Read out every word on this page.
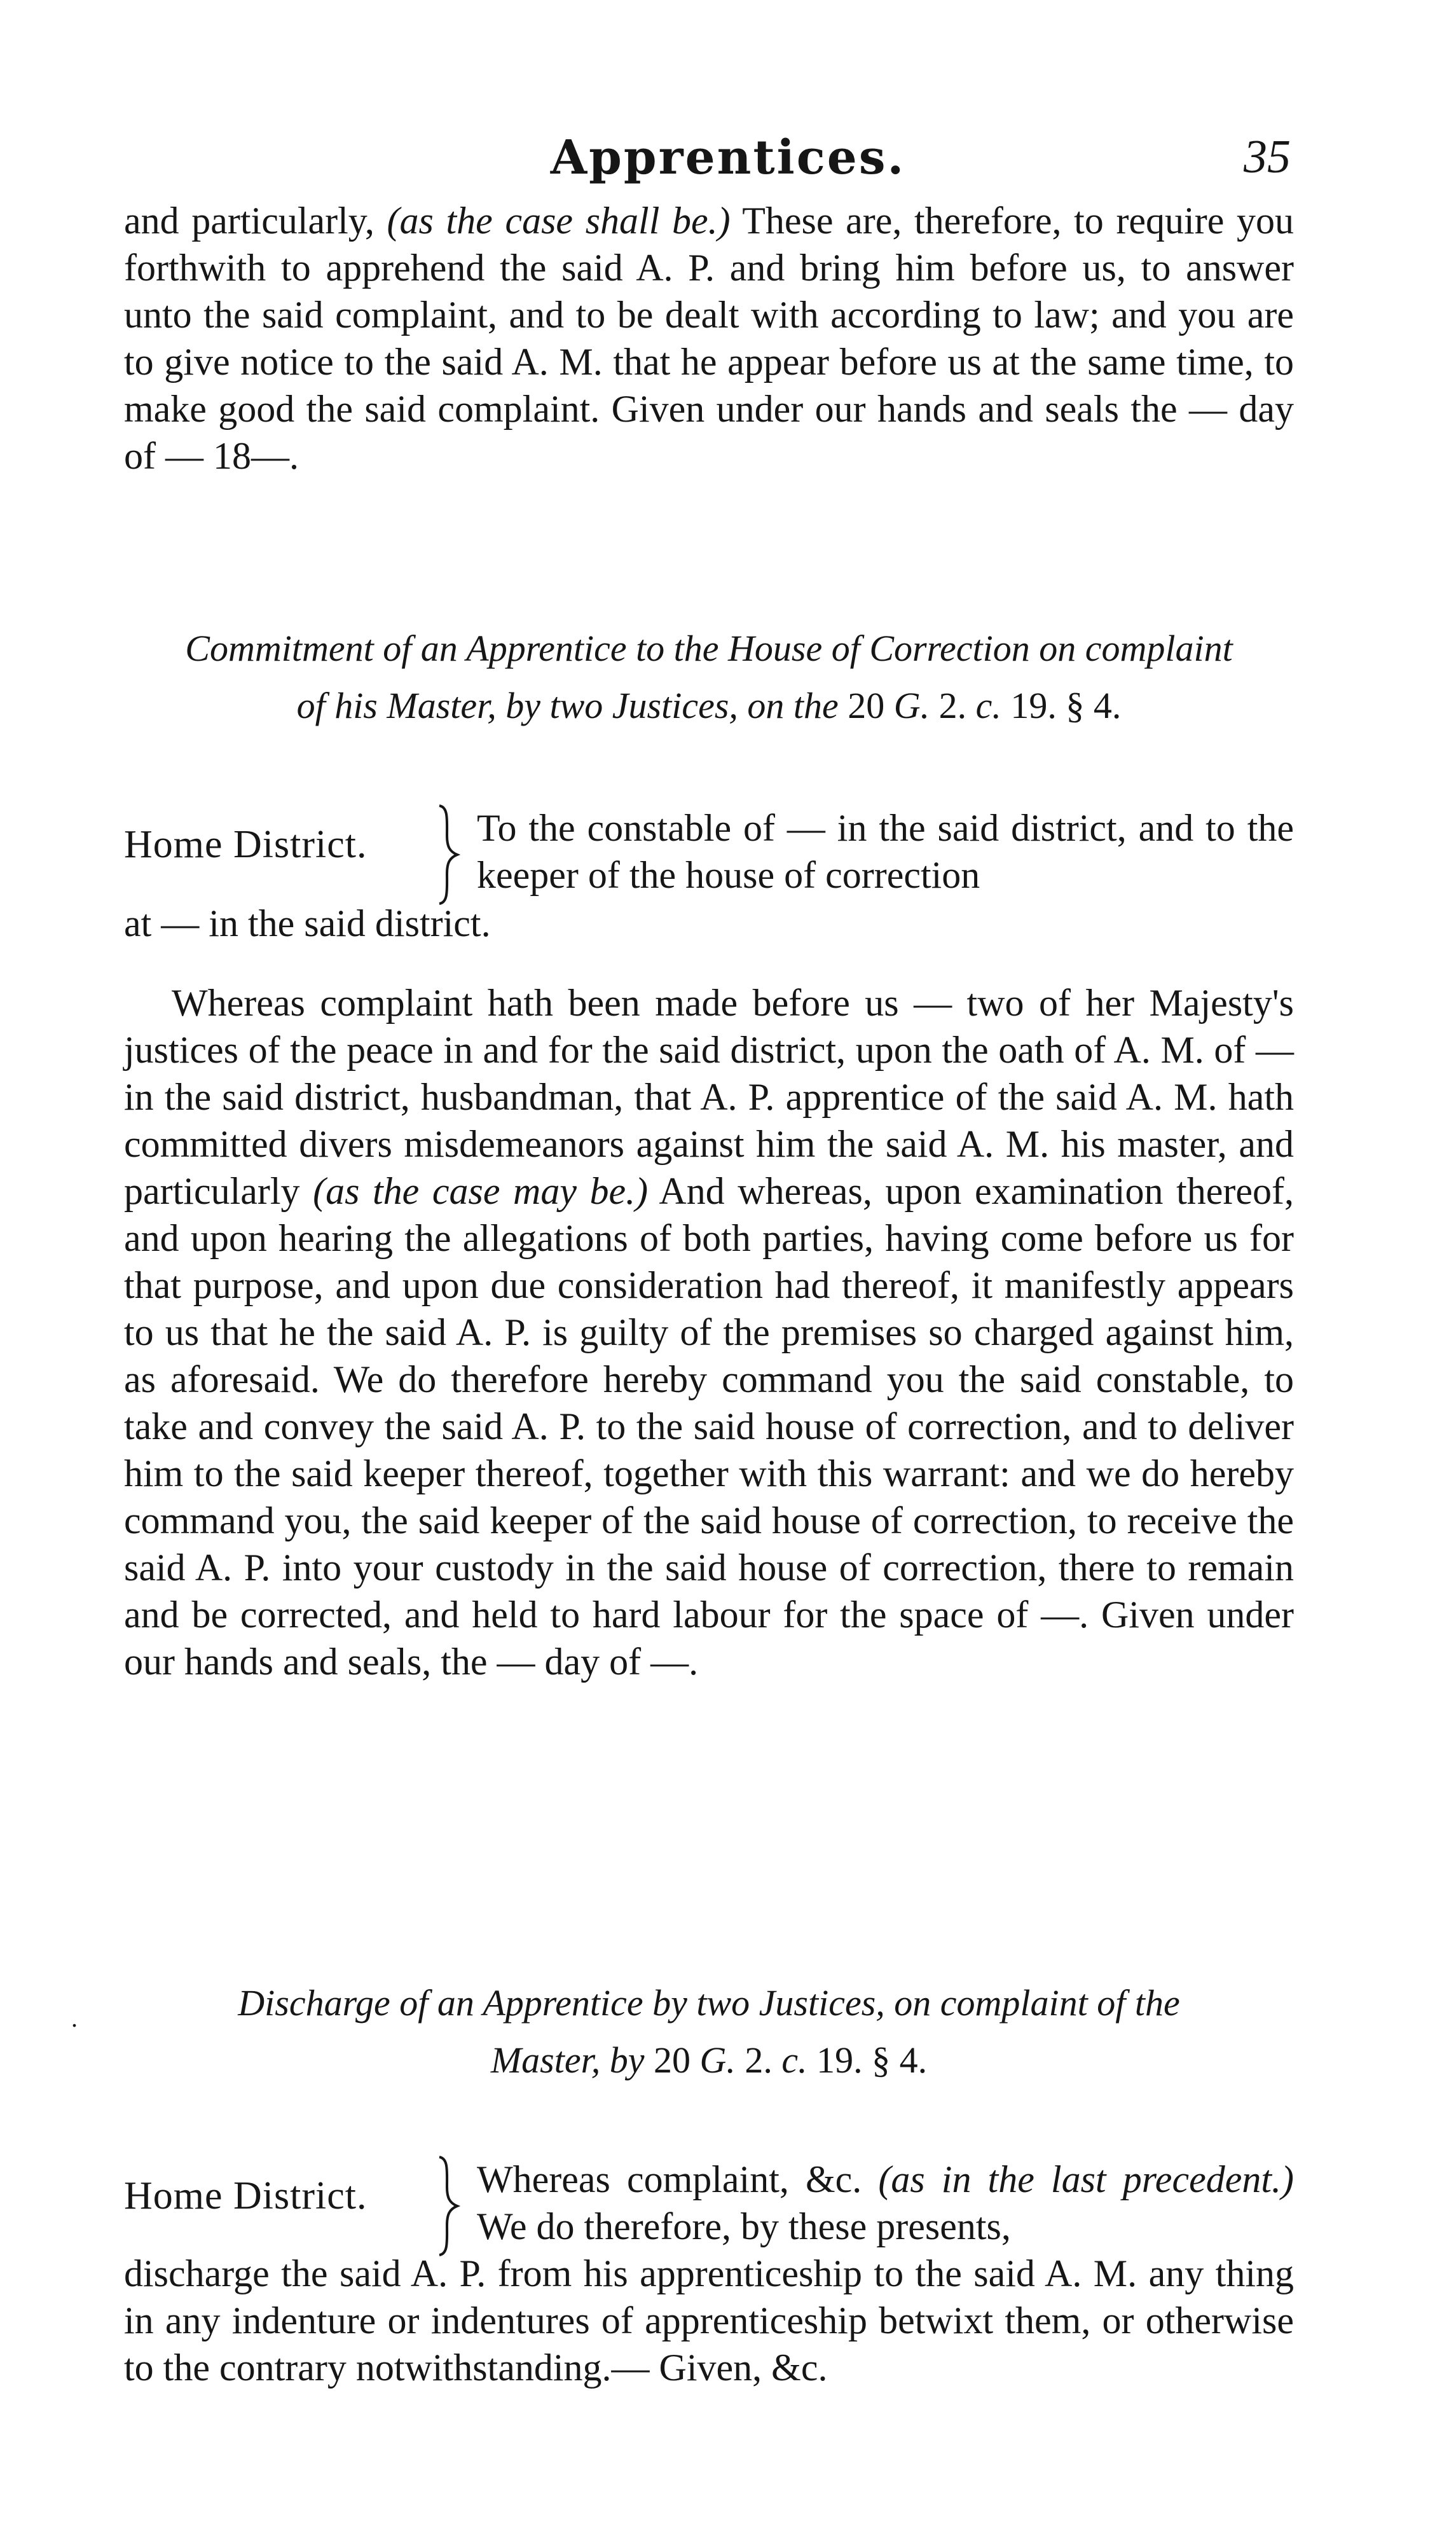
Apprentices.	35

and particularly, (as the case shall be.) These are, therefore, to require you forthwith to apprehend the said A. P. and bring him before us, to answer unto the said complaint, and to be dealt with according to law; and you are to give notice to the said A. M. that he appear before us at the same time, to make good the said complaint. Given under our hands and seals the — day of — 18—.

Commitment of an Apprentice to the House of Correction on complaint
of his Master, by two Justices, on the 20 G. 2. c. 19. § 4.
Home District.	To the constable of — in the said district, and to the keeper of the house of correction
at — in the said district.

Whereas complaint hath been made before us — two of her Majesty's justices of the peace in and for the said district, upon the oath of A. M. of — in the said district, husbandman, that A. P. apprentice of the said A. M. hath committed divers misdemeanors against him the said A. M. his master, and particularly (as the case may be.) And whereas, upon examination thereof, and upon hearing the allegations of both parties, having come before us for that purpose, and upon due consideration had thereof, it manifestly appears to us that he the said A. P. is guilty of the premises so charged against him, as aforesaid. We do therefore hereby command you the said constable, to take and convey the said A. P. to the said house of correction, and to deliver him to the said keeper thereof, together with this warrant: and we do hereby command you, the said keeper of the said house of correction, to receive the said A. P. into your custody in the said house of correction, there to remain and be corrected, and held to hard labour for the space of —. Given under our hands and seals, the — day of —.

.	Discharge of an Apprentice by two Justices, on complaint of the
Master, by 20 G. 2. c. 19. § 4.
Home District.	Whereas complaint, &c. (as in the last precedent.) We do therefore, by these presents,
discharge the said A. P. from his apprenticeship to the said A. M. any thing in any indenture or indentures of apprenticeship betwixt them, or otherwise to the contrary notwithstanding.— Given, &c.
